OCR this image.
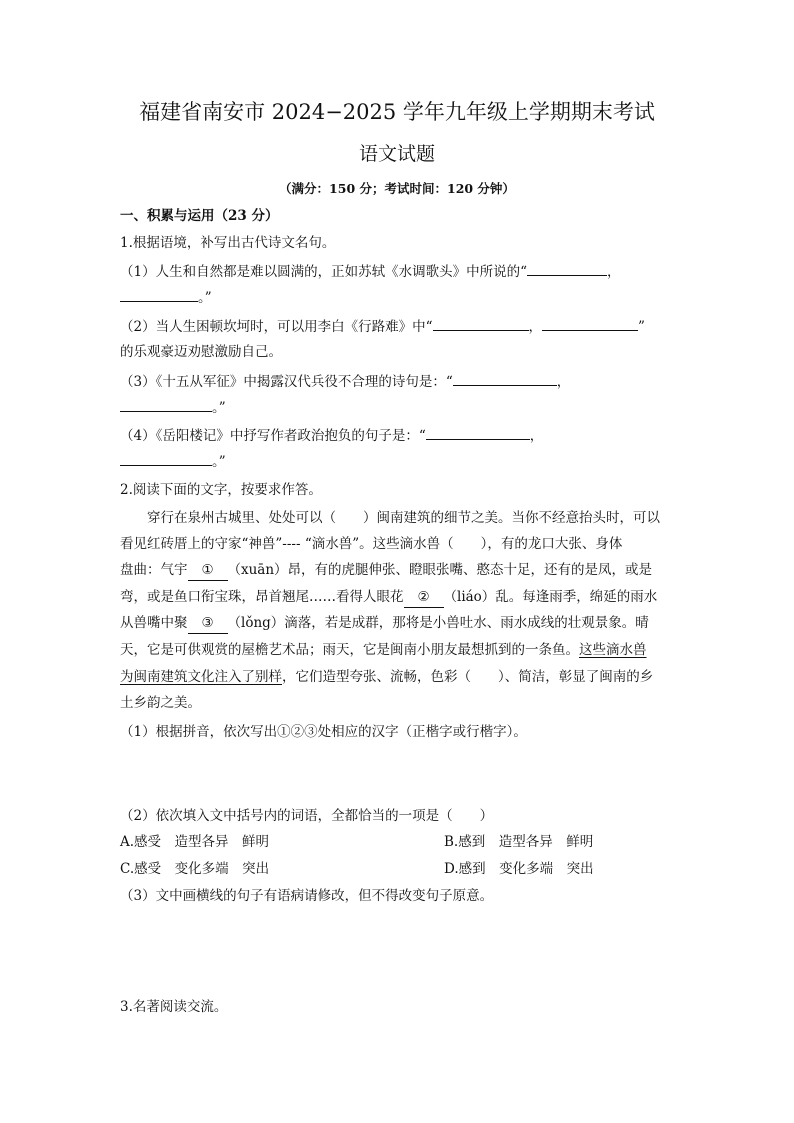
福建省南安市 2024−2025 学年九年级上学期期末考试
语文试题
（满分：150 分；考试时间：120 分钟）
一、积累与运用（23 分）
1.根据语境，补写出古代诗文名句。
（1）人生和自然都是难以圆满的，正如苏轼《水调歌头》中所说的“	，
。”
（2）当人生困顿坎坷时，可以用李白《行路难》中“	，	”
的乐观豪迈劝慰激励自己。
（3）《十五从军征》中揭露汉代兵役不合理的诗句是：“	，
。”
（4）《岳阳楼记》中抒写作者政治抱负的句子是：“	，
。”
2.阅读下面的文字，按要求作答。
穿行在泉州古城里、处处可以（　　）闽南建筑的细节之美。当你不经意抬头时，可以
看见红砖厝上的守家“神兽”---- “滴水兽”。这些滴水兽（　　），有的龙口大张、身体
盘曲：气宇 ① （xuān）昂，有的虎腿伸张、瞪眼张嘴、憨态十足，还有的是凤，或是
弯，或是鱼口衔宝珠，昂首翘尾……看得人眼花 ② （liáo）乱。每逢雨季，绵延的雨水
从兽嘴中聚 ③ （lǒng）滴落，若是成群，那将是小兽吐水、雨水成线的壮观景象。晴
天，它是可供观赏的屋檐艺术品；雨天，它是闽南小朋友最想抓到的一条鱼。这些滴水兽
为闽南建筑文化注入了别样，它们造型夸张、流畅，色彩（　　）、简洁，彰显了闽南的乡
土乡韵之美。
（1）根据拼音，依次写出①②③处相应的汉字（正楷字或行楷字）。
（2）依次填入文中括号内的词语，全都恰当的一项是（　　）
A.感受　造型各异　鲜明	B.感到　造型各异　鲜明
C.感受　变化多端　突出	D.感到　变化多端　突出
（3）文中画横线的句子有语病请修改，但不得改变句子原意。
3.名著阅读交流。
